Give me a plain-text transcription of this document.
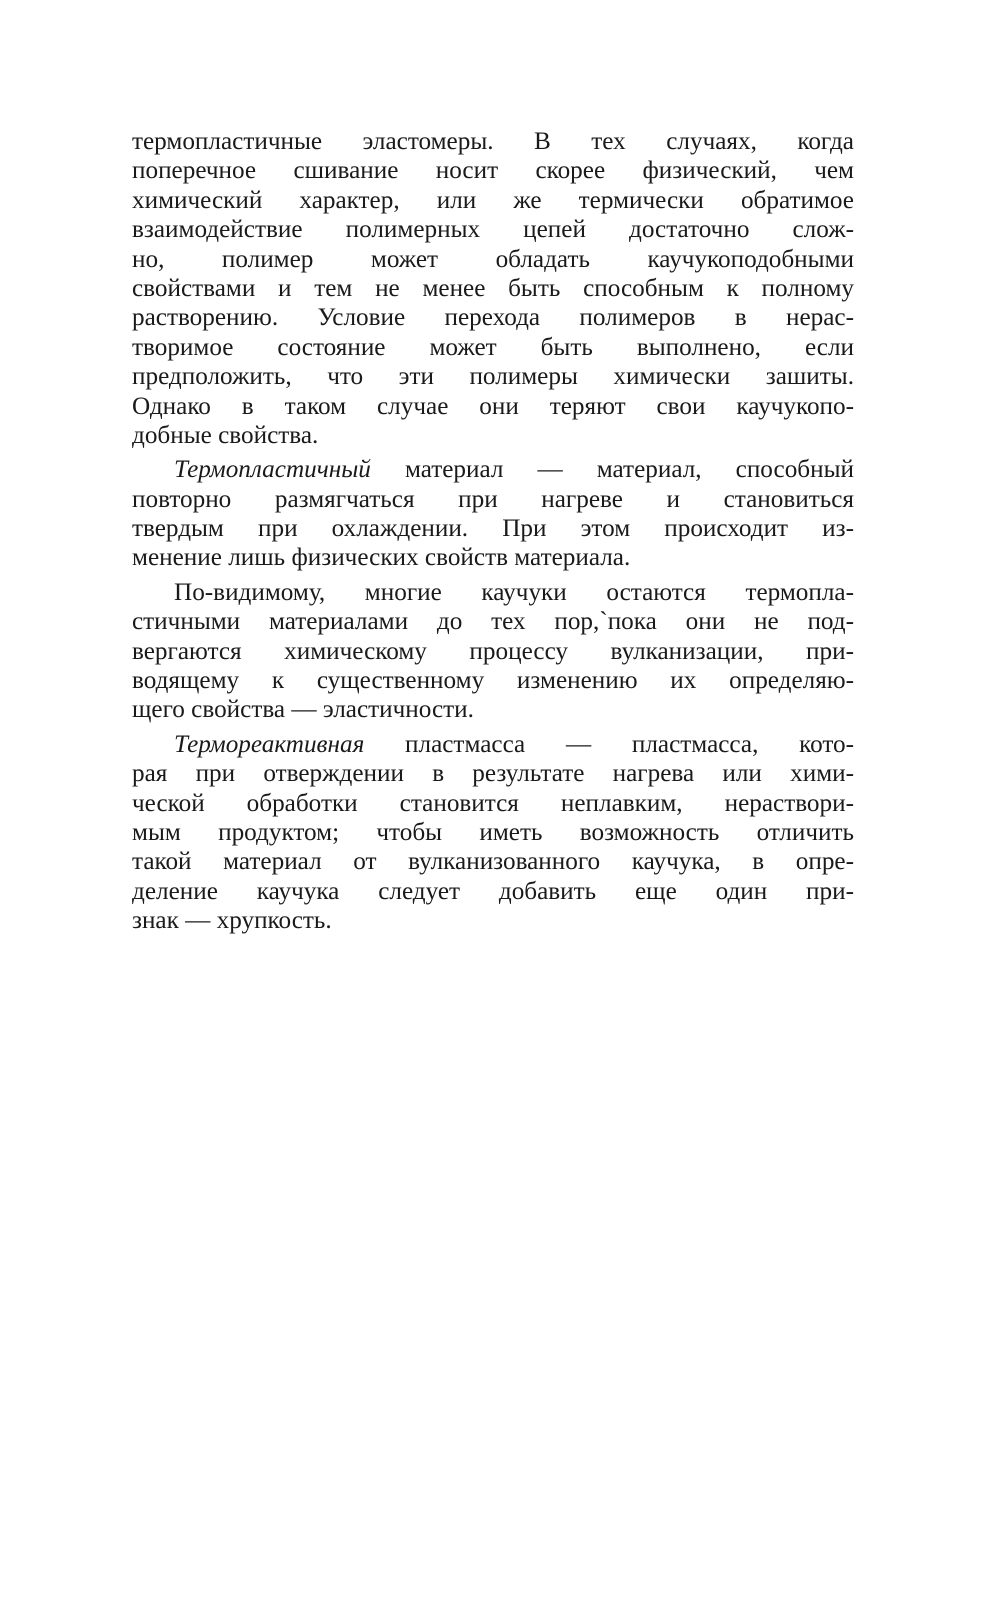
термопластичные эластомеры. В тех случаях, когда
поперечное сшивание носит скорее физический, чем
химический характер, или же термически обратимое
взаимодействие полимерных цепей достаточно слож-
но, полимер может обладать каучукоподобными
свойствами и тем не менее быть способным к полному
растворению. Условие перехода полимеров в нерас-
творимое состояние может быть выполнено, если
предположить, что эти полимеры химически зашиты.
Однако в таком случае они теряют свои каучукопо-
добные свойства.

Термопластичный материал — материал, способный
повторно размягчаться при нагреве и становиться
твердым при охлаждении. При этом происходит из-
менение лишь физических свойств материала.

По-видимому, многие каучуки остаются термопла-
стичными материалами до тех пор,`пока они не под-
вергаются химическому процессу вулканизации, при-
водящему к существенному изменению их определяю-
щего свойства — эластичности.

Термореактивная пластмасса — пластмасса, кото-
рая при отверждении в результате нагрева или хими-
ческой обработки становится неплавким, нераствори-
мым продуктом; чтобы иметь возможность отличить
такой материал от вулканизованного каучука, в опре-
деление каучука следует добавить еще один при-
знак — хрупкость.
